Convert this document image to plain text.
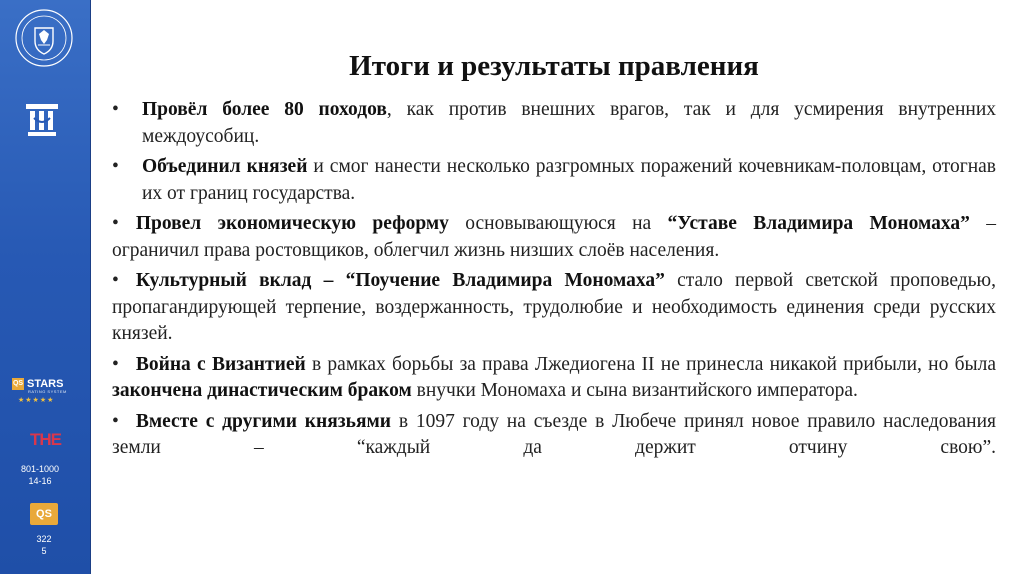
QS STARS
RATING SYSTEM
★★★★★
THE
801-1000
14-16
QS
322
5
Итоги и результаты правления

• Провёл более 80 походов, как против внешних врагов, так и для усмирения внутренних междоусобиц.

• Объединил князей и смог нанести несколько разгромных поражений кочевникам-половцам, отогнав их от границ государства.

• Провел экономическую реформу основывающуюся на “Уставе Владимира Мономаха” – ограничил права ростовщиков, облегчил жизнь низших слоёв населения.

• Культурный вклад – “Поучение Владимира Мономаха” стало первой светской проповедью, пропагандирующей терпение, воздержанность, трудолюбие и необходимость единения среди русских князей.

• Война с Византией в рамках борьбы за права Лжедиогена II не принесла никакой прибыли, но была закончена династическим браком внучки Мономаха и сына византийского императора.

• Вместе с другими князьями в 1097 году на съезде в Любече принял новое правило наследования земли – “каждый да держит отчину свою”.
